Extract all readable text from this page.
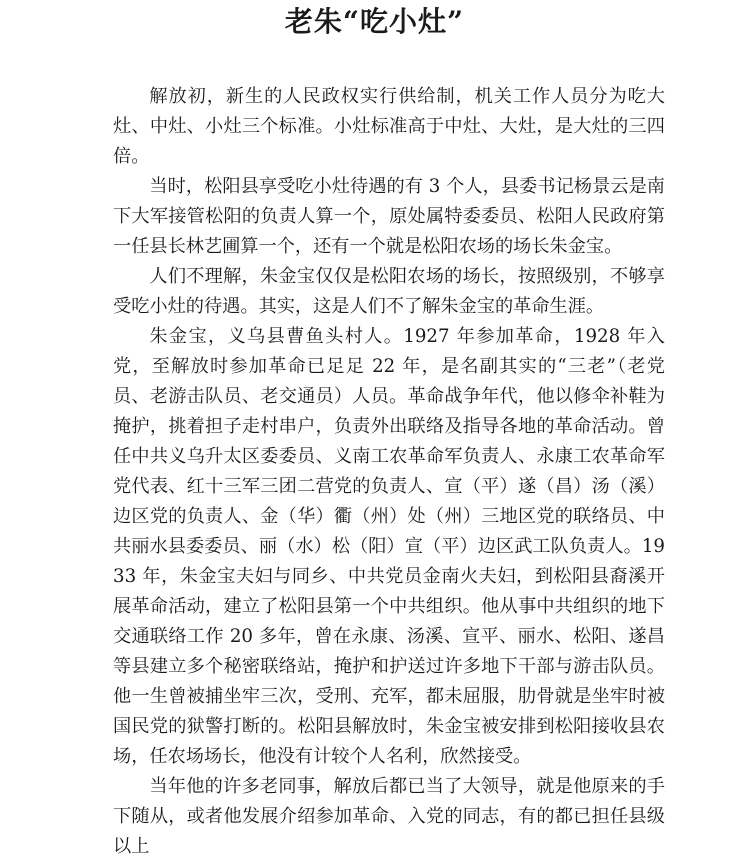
老朱“吃小灶”

解放初，新生的人民政权实行供给制，机关工作人员分为吃大灶、中灶、小灶三个标准。小灶标准高于中灶、大灶，是大灶的三四倍。

当时，松阳县享受吃小灶待遇的有 3 个人，县委书记杨景云是南下大军接管松阳的负责人算一个，原处属特委委员、松阳人民政府第一任县长林艺圃算一个，还有一个就是松阳农场的场长朱金宝。

人们不理解，朱金宝仅仅是松阳农场的场长，按照级别，不够享受吃小灶的待遇。其实，这是人们不了解朱金宝的革命生涯。

朱金宝，义乌县曹鱼头村人。1927 年参加革命，1928 年入党，至解放时参加革命已足足 22 年，是名副其实的“三老”（老党员、老游击队员、老交通员）人员。革命战争年代，他以修伞补鞋为掩护，挑着担子走村串户，负责外出联络及指导各地的革命活动。曾任中共义乌升太区委委员、义南工农革命军负责人、永康工农革命军党代表、红十三军三团二营党的负责人、宣（平）遂（昌）汤（溪）边区党的负责人、金（华）衢（州）处（州）三地区党的联络员、中共丽水县委委员、丽（水）松（阳）宣（平）边区武工队负责人。1933 年，朱金宝夫妇与同乡、中共党员金南火夫妇，到松阳县裔溪开展革命活动，建立了松阳县第一个中共组织。他从事中共组织的地下交通联络工作 20 多年，曾在永康、汤溪、宣平、丽水、松阳、遂昌等县建立多个秘密联络站，掩护和护送过许多地下干部与游击队员。他一生曾被捕坐牢三次，受刑、充军，都未屈服，肋骨就是坐牢时被国民党的狱警打断的。松阳县解放时，朱金宝被安排到松阳接收县农场，任农场场长，他没有计较个人名利，欣然接受。

当年他的许多老同事，解放后都已当了大领导，就是他原来的手下随从，或者他发展介绍参加革命、入党的同志，有的都已担任县级以上
